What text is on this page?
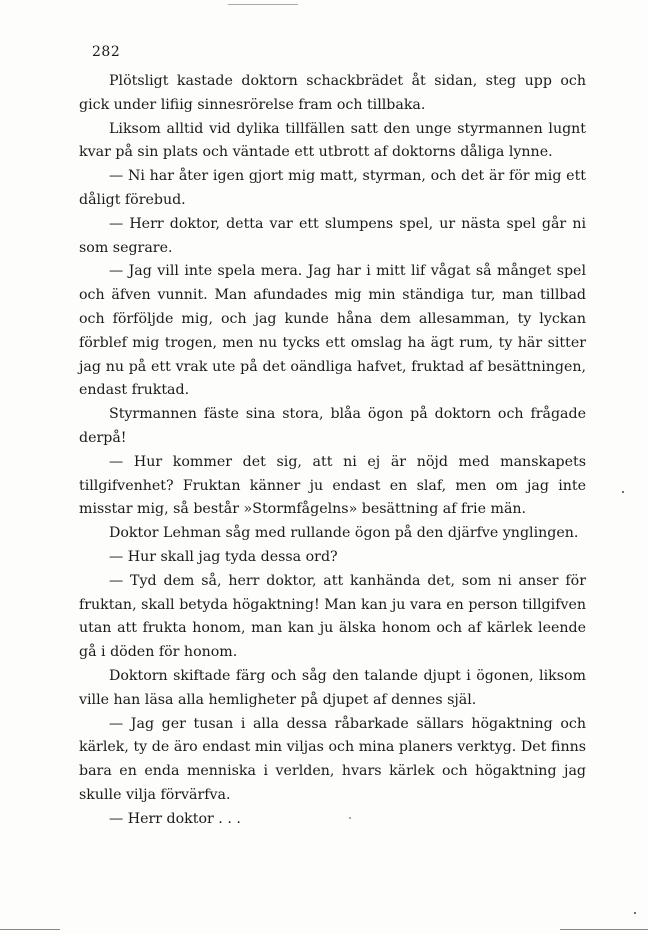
282

Plötsligt kastade doktorn schackbrädet åt sidan, steg upp och gick under lifiig sinnesrörelse fram och tillbaka.

Liksom alltid vid dylika tillfällen satt den unge styrmannen lugnt kvar på sin plats och väntade ett utbrott af doktorns dåliga lynne.

— Ni har åter igen gjort mig matt, styrman, och det är för mig ett dåligt förebud.

— Herr doktor, detta var ett slumpens spel, ur nästa spel går ni som segrare.

— Jag vill inte spela mera. Jag har i mitt lif vågat så månget spel och äfven vunnit. Man afundades mig min ständiga tur, man tillbad och förföljde mig, och jag kunde håna dem allesamman, ty lyckan förblef mig trogen, men nu tycks ett omslag ha ägt rum, ty här sitter jag nu på ett vrak ute på det oändliga hafvet, fruktad af besättningen, endast fruktad.

Styrmannen fäste sina stora, blåa ögon på doktorn och frågade derpå!

— Hur kommer det sig, att ni ej är nöjd med manskapets tillgifvenhet? Fruktan känner ju endast en slaf, men om jag inte misstar mig, så består »Stormfågelns» besättning af frie män.

Doktor Lehman såg med rullande ögon på den djärfve ynglingen.

— Hur skall jag tyda dessa ord?

— Tyd dem så, herr doktor, att kanhända det, som ni anser för fruktan, skall betyda högaktning! Man kan ju vara en person tillgifven utan att frukta honom, man kan ju älska honom och af kärlek leende gå i döden för honom.

Doktorn skiftade färg och såg den talande djupt i ögonen, liksom ville han läsa alla hemligheter på djupet af dennes själ.

— Jag ger tusan i alla dessa råbarkade sällars högaktning och kärlek, ty de äro endast min viljas och mina planers verktyg. Det finns bara en enda menniska i verlden, hvars kärlek och högaktning jag skulle vilja förvärfva.

— Herr doktor . . .
